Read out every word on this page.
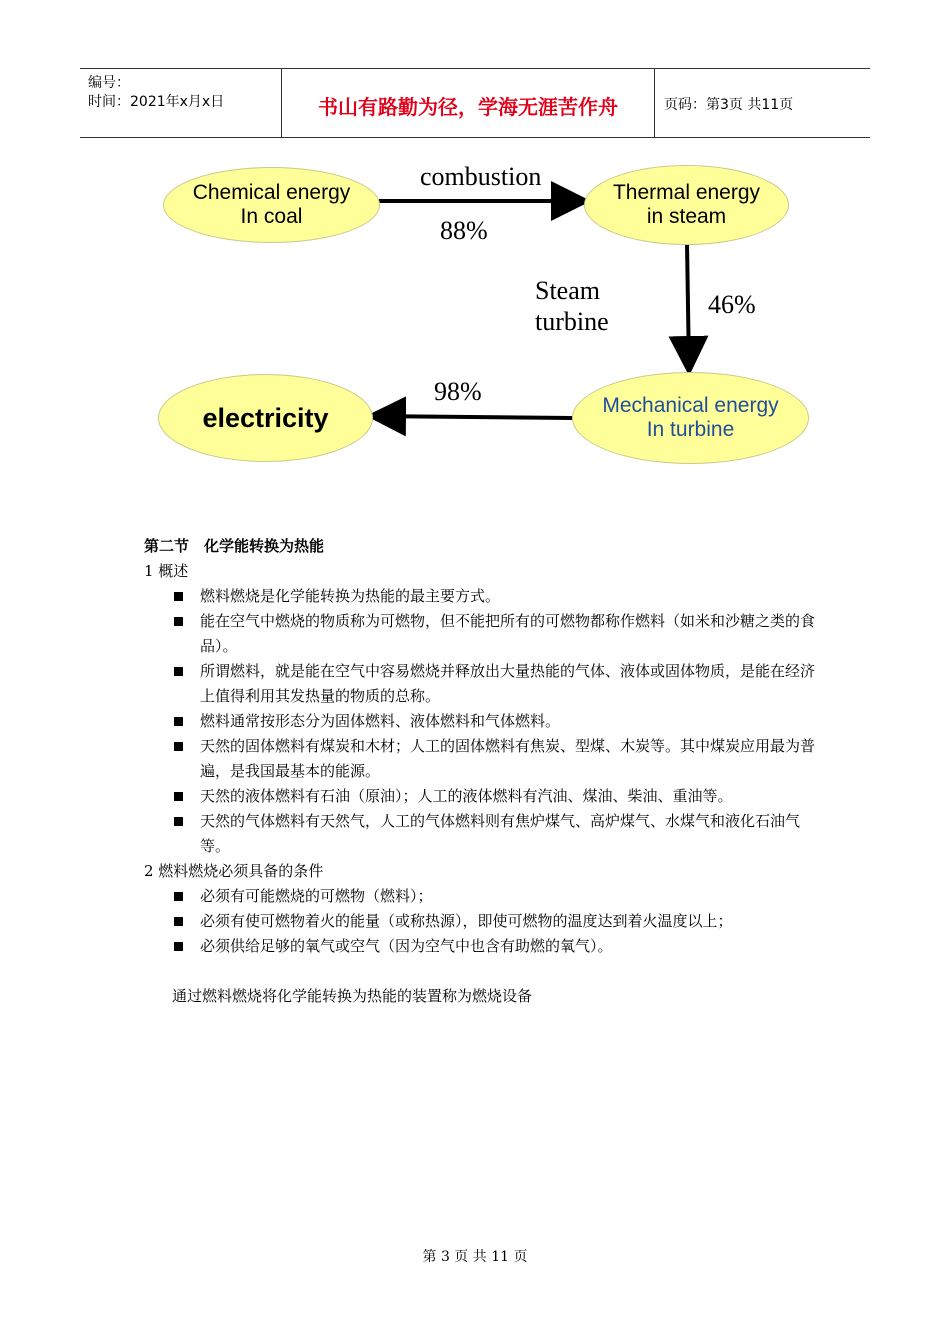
编号：
时间：2021年x月x日	书山有路勤为径，学海无涯苦作舟	页码：第3页 共11页
Chemical energy
In coal
Thermal energy
in steam
Mechanical energy
In turbine
electricity
combustion
88%
Steam
turbine
46%
98%
第二节　化学能转换为热能

1 概述

燃料燃烧是化学能转换为热能的最主要方式。
能在空气中燃烧的物质称为可燃物，但不能把所有的可燃物都称作燃料（如米和沙糖之类的食品）。
所谓燃料，就是能在空气中容易燃烧并释放出大量热能的气体、液体或固体物质，是能在经济上值得利用其发热量的物质的总称。
燃料通常按形态分为固体燃料、液体燃料和气体燃料。
天然的固体燃料有煤炭和木材；人工的固体燃料有焦炭、型煤、木炭等。其中煤炭应用最为普遍，是我国最基本的能源。
天然的液体燃料有石油（原油）；人工的液体燃料有汽油、煤油、柴油、重油等。
天然的气体燃料有天然气，人工的气体燃料则有焦炉煤气、高炉煤气、水煤气和液化石油气等。

2 燃料燃烧必须具备的条件

必须有可能燃烧的可燃物（燃料）；
必须有使可燃物着火的能量（或称热源），即使可燃物的温度达到着火温度以上；
必须供给足够的氧气或空气（因为空气中也含有助燃的氧气）。

通过燃料燃烧将化学能转换为热能的装置称为燃烧设备

第 3 页 共 11 页
